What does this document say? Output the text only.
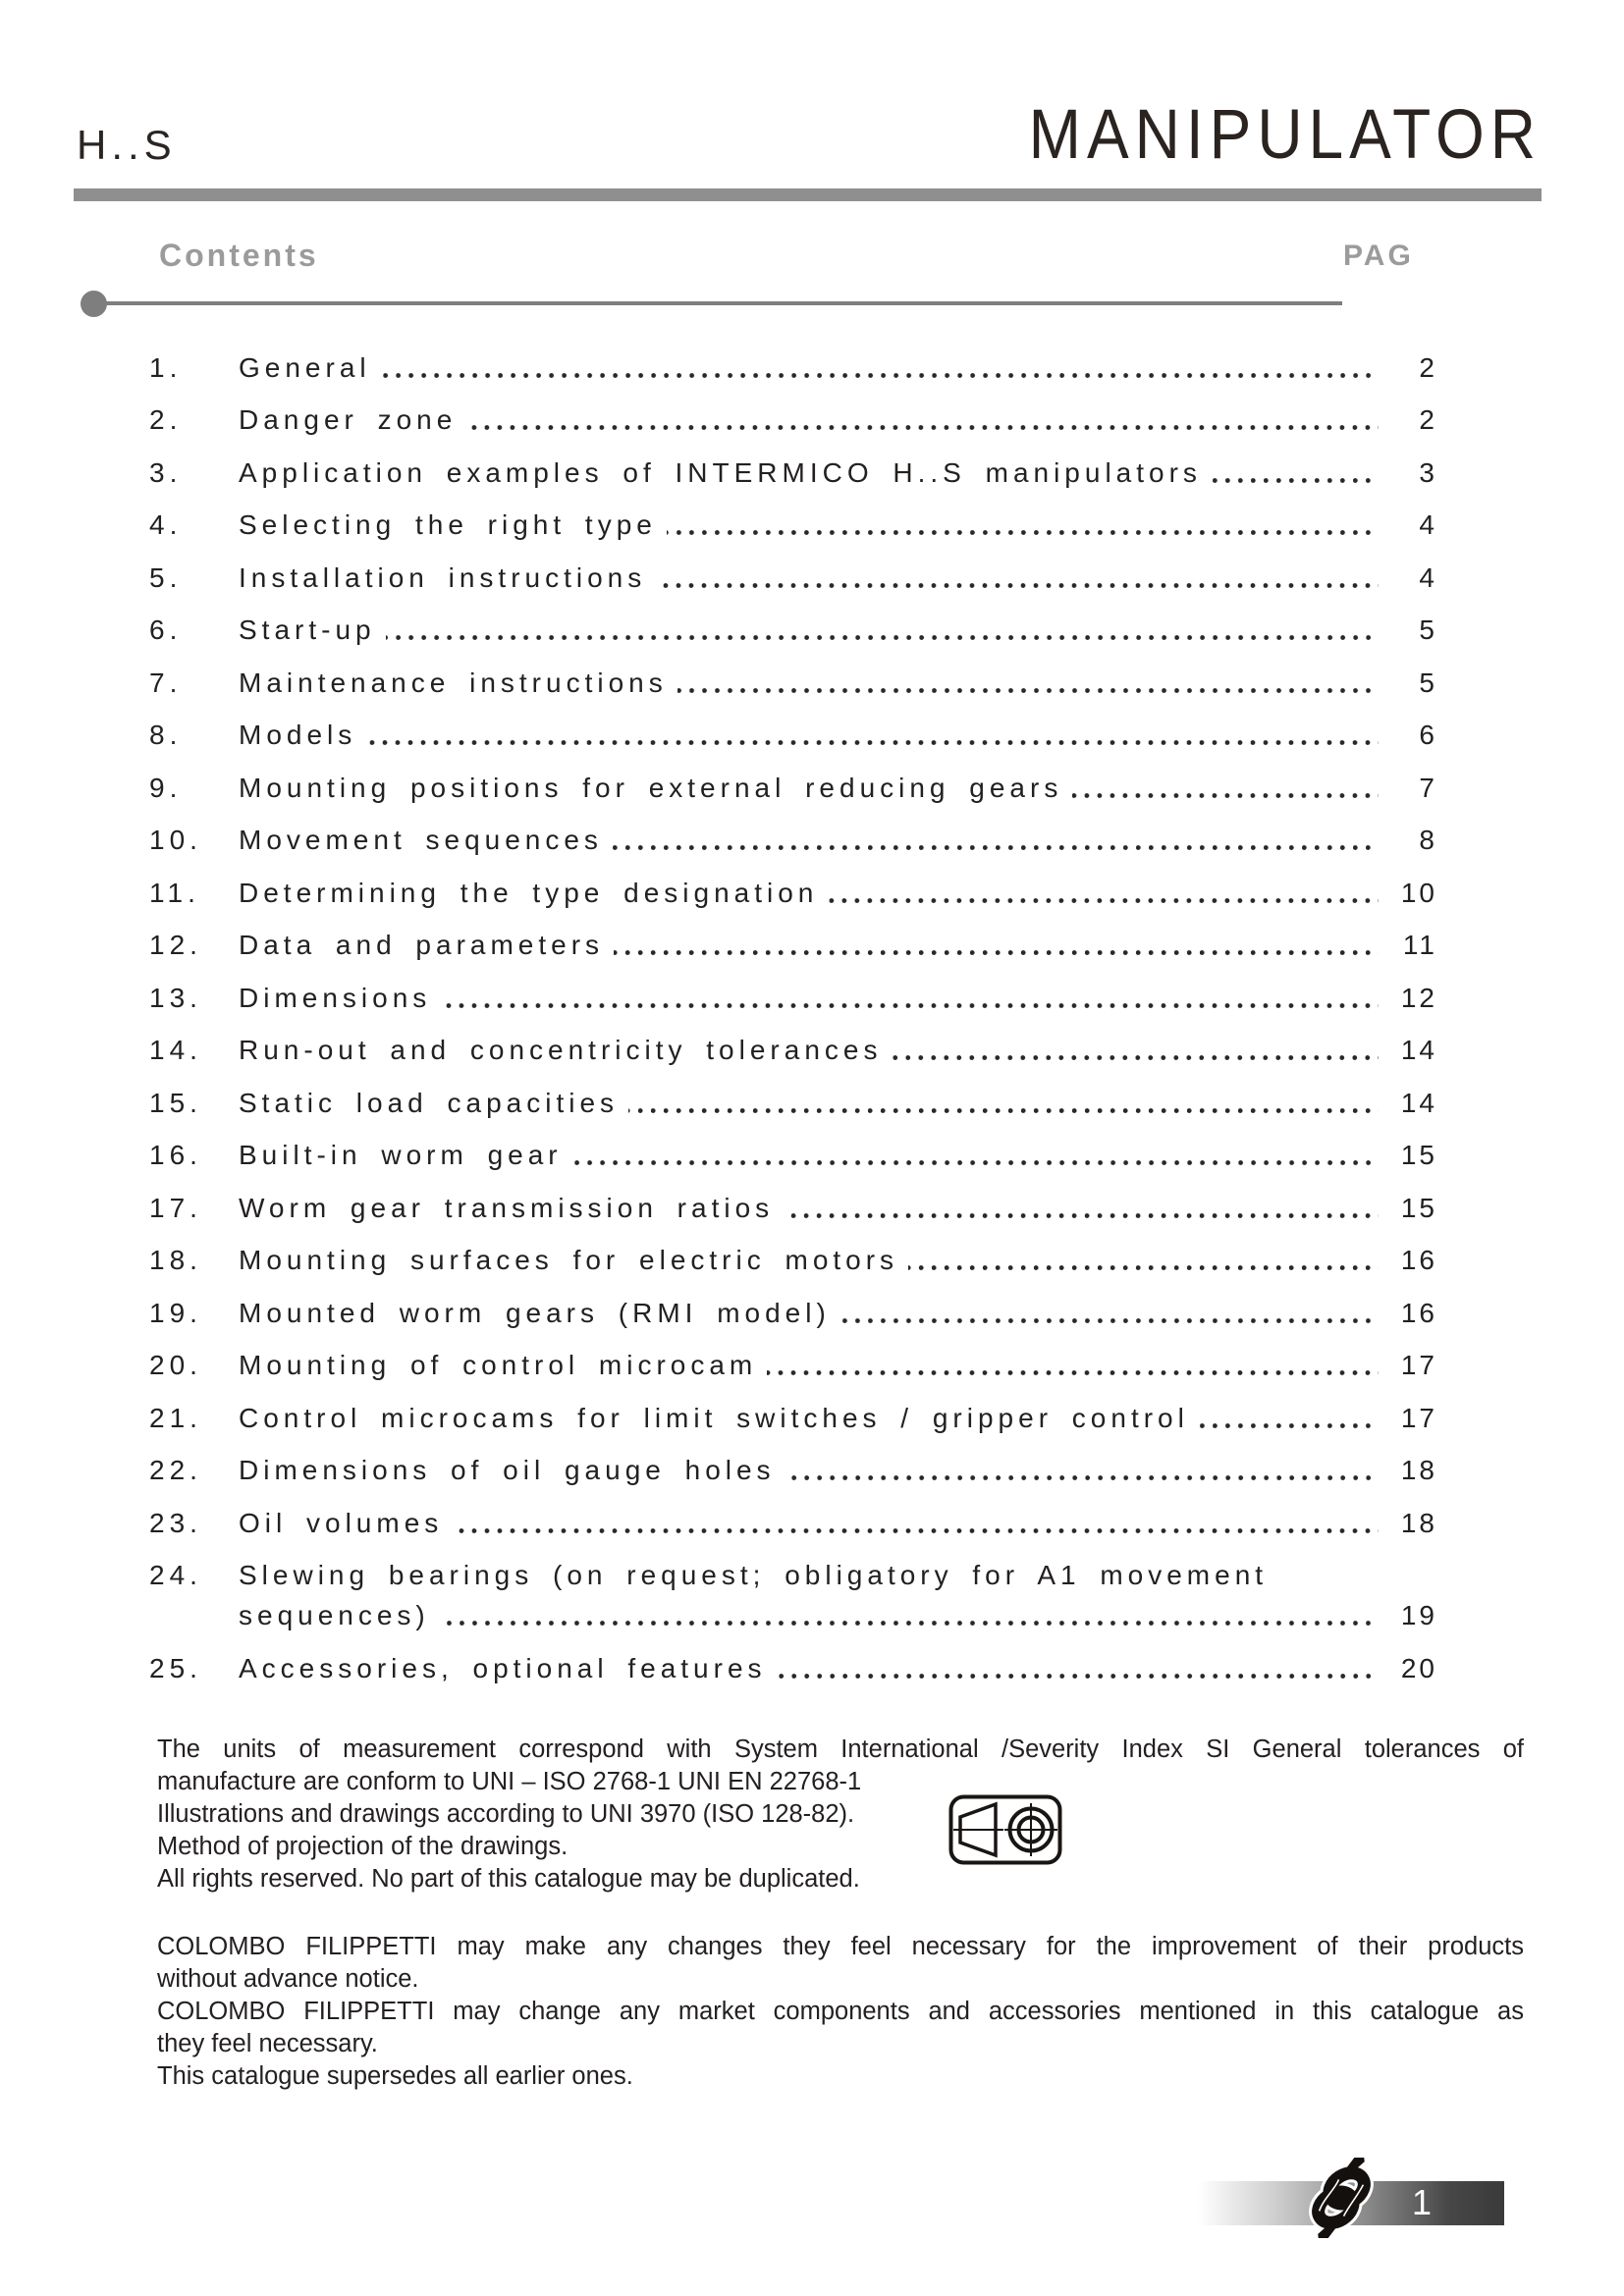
H..S	MANIPULATOR
Contents	PAG
1.	General	2
2.	Danger zone	2
3.	Application examples of INTERMICO H..S manipulators	3
4.	Selecting the right type	4
5.	Installation instructions	4
6.	Start-up	5
7.	Maintenance instructions	5
8.	Models	6
9.	Mounting positions for external reducing gears	7
10.	Movement sequences	8
11.	Determining the type designation	10
12.	Data and parameters	11
13.	Dimensions	12
14.	Run-out and concentricity tolerances	14
15.	Static load capacities	14
16.	Built-in worm gear	15
17.	Worm gear transmission ratios	15
18.	Mounting surfaces for electric motors	16
19.	Mounted worm gears (RMI model)	16
20.	Mounting of control microcam	17
21.	Control microcams for limit switches / gripper control	17
22.	Dimensions of oil gauge holes	18
23.	Oil volumes	18
24.	Slewing bearings (on request; obligatory for A1 movement
sequences)	19
25.	Accessories, optional features	20
The units of measurement correspond with System International /Severity Index SI General tolerances of
manufacture are conform to UNI – ISO 2768-1 UNI EN 22768-1
Illustrations and drawings according to UNI 3970 (ISO 128-82).
Method of projection of the drawings.
All rights reserved. No part of this catalogue may be duplicated.
COLOMBO FILIPPETTI may make any changes they feel necessary for the improvement of their products
without advance notice.
COLOMBO FILIPPETTI may change any market components and accessories mentioned in this catalogue as
they feel necessary.
This catalogue supersedes all earlier ones.
1
